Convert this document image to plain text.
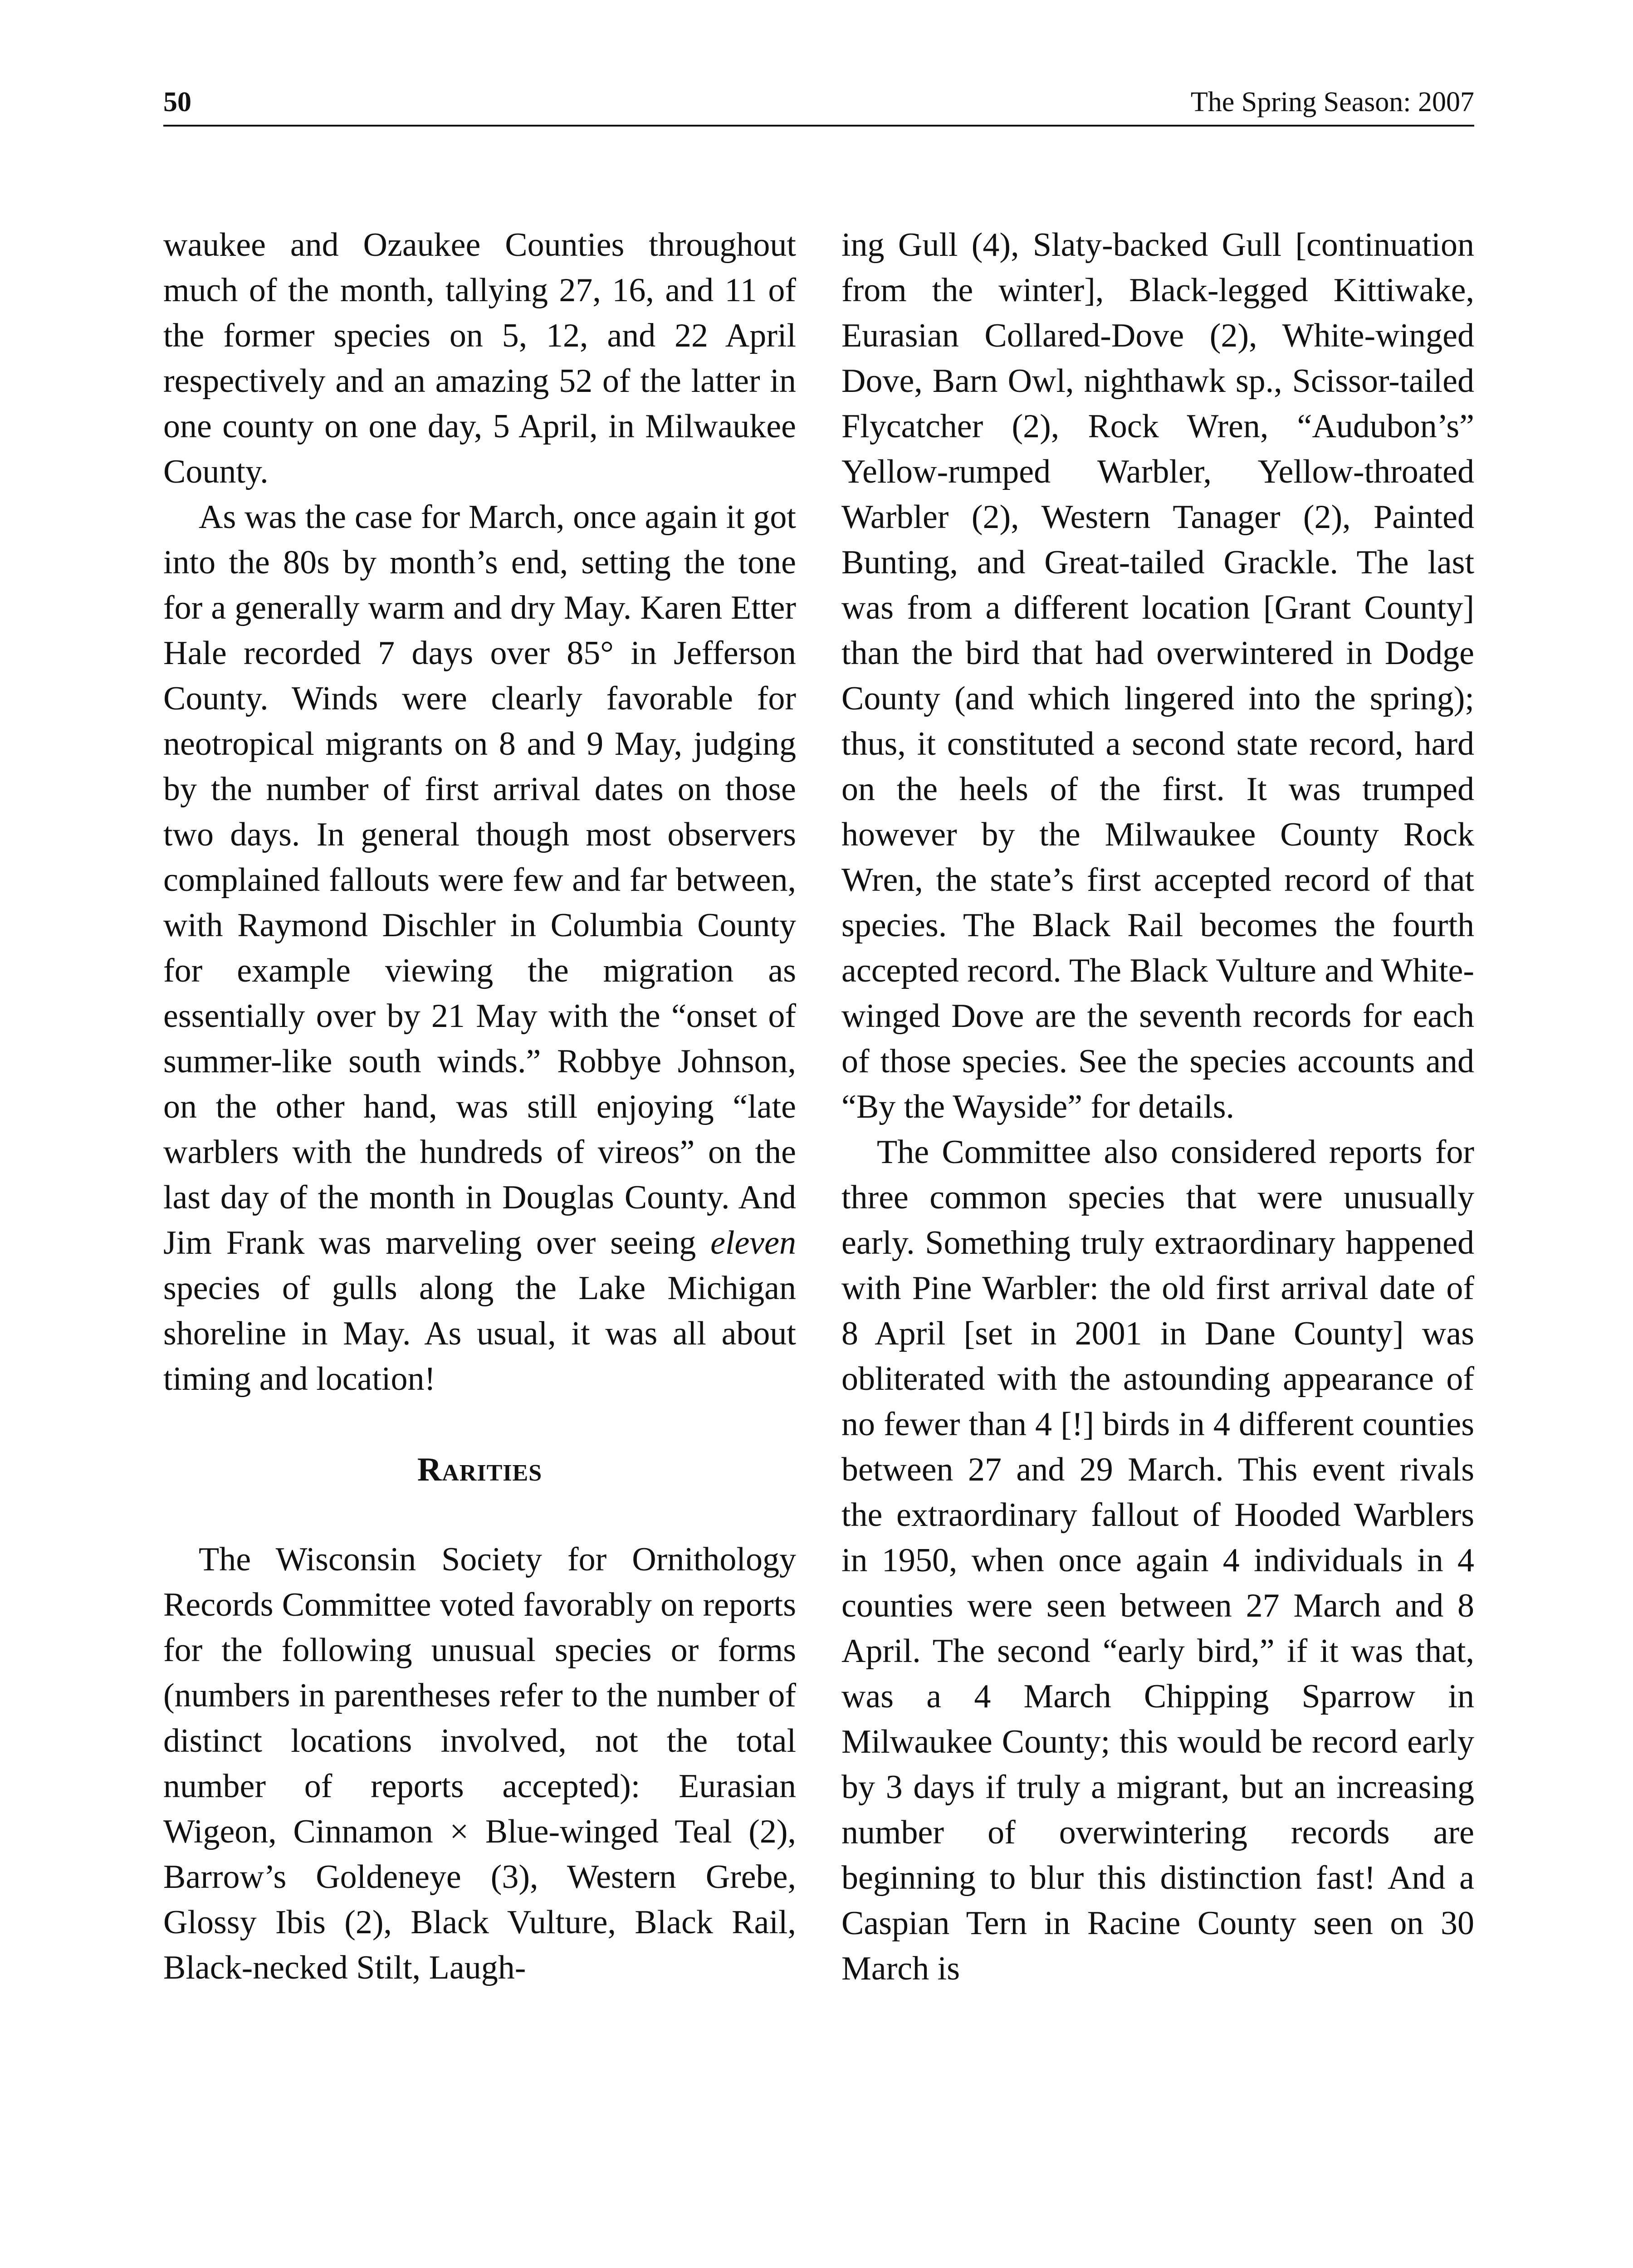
50	The Spring Season: 2007

waukee and Ozaukee Counties throughout much of the month, tallying 27, 16, and 11 of the former species on 5, 12, and 22 April respectively and an amazing 52 of the latter in one county on one day, 5 April, in Milwaukee County.

As was the case for March, once again it got into the 80s by month’s end, setting the tone for a generally warm and dry May. Karen Etter Hale recorded 7 days over 85° in Jefferson County. Winds were clearly favorable for neotropical migrants on 8 and 9 May, judging by the number of first arrival dates on those two days. In general though most observers complained fallouts were few and far between, with Raymond Dischler in Columbia County for example viewing the migration as essentially over by 21 May with the “onset of summer-like south winds.” Robbye Johnson, on the other hand, was still enjoying “late warblers with the hundreds of vireos” on the last day of the month in Douglas County. And Jim Frank was marveling over seeing eleven species of gulls along the Lake Michigan shoreline in May. As usual, it was all about timing and location!

Rarities

The Wisconsin Society for Ornithology Records Committee voted favorably on reports for the following unusual species or forms (numbers in parentheses refer to the number of distinct locations involved, not the total number of reports accepted): Eurasian Wigeon, Cinnamon × Blue-winged Teal (2), Barrow’s Goldeneye (3), Western Grebe, Glossy Ibis (2), Black Vulture, Black Rail, Black-necked Stilt, Laugh-

ing Gull (4), Slaty-backed Gull [continuation from the winter], Black-legged Kittiwake, Eurasian Collared-Dove (2), White-winged Dove, Barn Owl, nighthawk sp., Scissor-tailed Flycatcher (2), Rock Wren, “Audubon’s” Yellow-rumped Warbler, Yellow-throated Warbler (2), Western Tanager (2), Painted Bunting, and Great-tailed Grackle. The last was from a different location [Grant County] than the bird that had overwintered in Dodge County (and which lingered into the spring); thus, it constituted a second state record, hard on the heels of the first. It was trumped however by the Milwaukee County Rock Wren, the state’s first accepted record of that species. The Black Rail becomes the fourth accepted record. The Black Vulture and White-winged Dove are the seventh records for each of those species. See the species accounts and “By the Wayside” for details.

The Committee also considered reports for three common species that were unusually early. Something truly extraordinary happened with Pine Warbler: the old first arrival date of 8 April [set in 2001 in Dane County] was obliterated with the astounding appearance of no fewer than 4 [!] birds in 4 different counties between 27 and 29 March. This event rivals the extraordinary fallout of Hooded Warblers in 1950, when once again 4 individuals in 4 counties were seen between 27 March and 8 April. The second “early bird,” if it was that, was a 4 March Chipping Sparrow in Milwaukee County; this would be record early by 3 days if truly a migrant, but an increasing number of overwintering records are beginning to blur this distinction fast! And a Caspian Tern in Racine County seen on 30 March is
